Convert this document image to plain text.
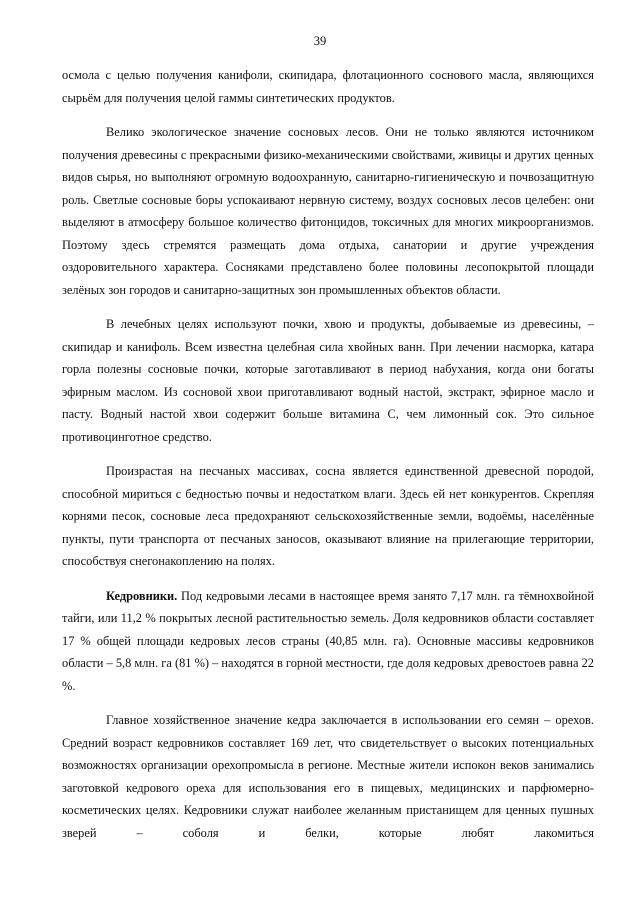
39

осмола с целью получения канифоли, скипидара, флотационного соснового масла, являющихся сырьём для получения целой гаммы синтетических продуктов.

Велико экологическое значение сосновых лесов. Они не только являются источником получения древесины с прекрасными физико-механическими свойствами, живицы и других ценных видов сырья, но выполняют огромную водоохранную, санитарно-гигиеническую и почвозащитную роль. Светлые сосновые боры успокаивают нервную систему, воздух сосновых лесов целебен: они выделяют в атмосферу большое количество фитонцидов, токсичных для многих микроорганизмов. Поэтому здесь стремятся размещать дома отдыха, санатории и другие учреждения оздоровительного характера. Сосняками представлено более половины лесопокрытой площади зелёных зон городов и санитарно-защитных зон промышленных объектов области.

В лечебных целях используют почки, хвою и продукты, добываемые из древесины, – скипидар и канифоль. Всем известна целебная сила хвойных ванн. При лечении насморка, катара горла полезны сосновые почки, которые заготавливают в период набухания, когда они богаты эфирным маслом. Из сосновой хвои приготавливают водный настой, экстракт, эфирное масло и пасту. Водный настой хвои содержит больше витамина С, чем лимонный сок. Это сильное противоцинготное средство.

Произрастая на песчаных массивах, сосна является единственной древесной породой, способной мириться с бедностью почвы и недостатком влаги. Здесь ей нет конкурентов. Скрепляя корнями песок, сосновые леса предохраняют сельскохозяйственные земли, водоёмы, населённые пункты, пути транспорта от песчаных заносов, оказывают влияние на прилегающие территории, способствуя снегонакоплению на полях.

Кедровники. Под кедровыми лесами в настоящее время занято 7,17 млн. га тёмнохвойной тайги, или 11,2 % покрытых лесной растительностью земель. Доля кедровников области составляет 17 % общей площади кедровых лесов страны (40,85 млн. га). Основные массивы кедровников области – 5,8 млн. га (81 %) – находятся в горной местности, где доля кедровых древостоев равна 22 %.

Главное хозяйственное значение кедра заключается в использовании его семян – орехов. Средний возраст кедровников составляет 169 лет, что свидетельствует о высоких потенциальных возможностях организации орехопромысла в регионе. Местные жители испокон веков занимались заготовкой кедрового ореха для использования его в пищевых, медицинских и парфюмерно-косметических целях. Кедровники служат наиболее желанным пристанищем для ценных пушных зверей – соболя и белки, которые любят лакомиться
